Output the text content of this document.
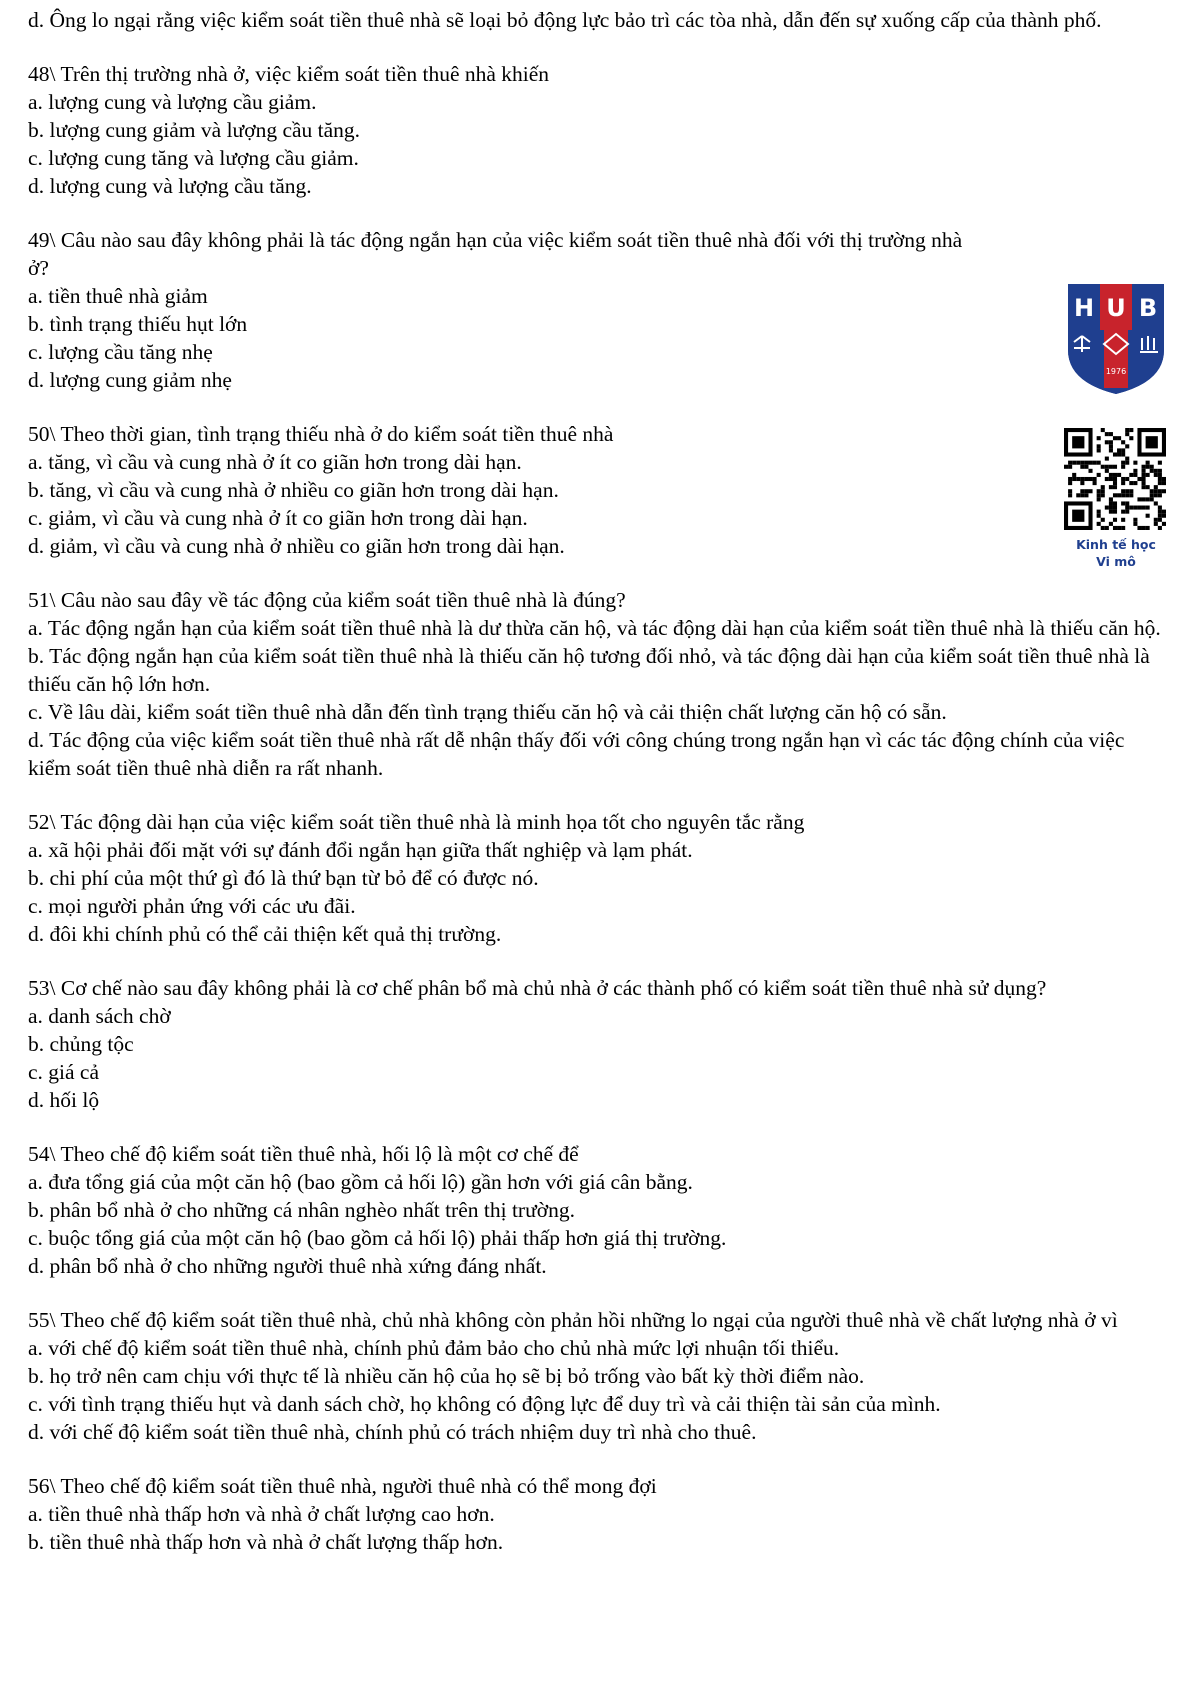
d. Ông lo ngại rằng việc kiểm soát tiền thuê nhà sẽ loại bỏ động lực bảo trì các tòa nhà, dẫn đến sự xuống cấp của thành phố.

48\ Trên thị trường nhà ở, việc kiểm soát tiền thuê nhà khiến

a. lượng cung và lượng cầu giảm.

b. lượng cung giảm và lượng cầu tăng.

c. lượng cung tăng và lượng cầu giảm.

d. lượng cung và lượng cầu tăng.

49\ Câu nào sau đây không phải là tác động ngắn hạn của việc kiểm soát tiền thuê nhà đối với thị trường nhà ở?

a. tiền thuê nhà giảm

b. tình trạng thiếu hụt lớn

c. lượng cầu tăng nhẹ

d. lượng cung giảm nhẹ

50\ Theo thời gian, tình trạng thiếu nhà ở do kiểm soát tiền thuê nhà

a. tăng, vì cầu và cung nhà ở ít co giãn hơn trong dài hạn.

b. tăng, vì cầu và cung nhà ở nhiều co giãn hơn trong dài hạn.

c. giảm, vì cầu và cung nhà ở ít co giãn hơn trong dài hạn.

d. giảm, vì cầu và cung nhà ở nhiều co giãn hơn trong dài hạn.

51\ Câu nào sau đây về tác động của kiểm soát tiền thuê nhà là đúng?

a. Tác động ngắn hạn của kiểm soát tiền thuê nhà là dư thừa căn hộ, và tác động dài hạn của kiểm soát tiền thuê nhà là thiếu căn hộ.

b. Tác động ngắn hạn của kiểm soát tiền thuê nhà là thiếu căn hộ tương đối nhỏ, và tác động dài hạn của kiểm soát tiền thuê nhà là thiếu căn hộ lớn hơn.

c. Về lâu dài, kiểm soát tiền thuê nhà dẫn đến tình trạng thiếu căn hộ và cải thiện chất lượng căn hộ có sẵn.

d. Tác động của việc kiểm soát tiền thuê nhà rất dễ nhận thấy đối với công chúng trong ngắn hạn vì các tác động chính của việc kiểm soát tiền thuê nhà diễn ra rất nhanh.

52\ Tác động dài hạn của việc kiểm soát tiền thuê nhà là minh họa tốt cho nguyên tắc rằng

a. xã hội phải đối mặt với sự đánh đổi ngắn hạn giữa thất nghiệp và lạm phát.

b. chi phí của một thứ gì đó là thứ bạn từ bỏ để có được nó.

c. mọi người phản ứng với các ưu đãi.

d. đôi khi chính phủ có thể cải thiện kết quả thị trường.

53\ Cơ chế nào sau đây không phải là cơ chế phân bổ mà chủ nhà ở các thành phố có kiểm soát tiền thuê nhà sử dụng?

a. danh sách chờ

b. chủng tộc

c. giá cả

d. hối lộ

54\ Theo chế độ kiểm soát tiền thuê nhà, hối lộ là một cơ chế để

a. đưa tổng giá của một căn hộ (bao gồm cả hối lộ) gần hơn với giá cân bằng.

b. phân bổ nhà ở cho những cá nhân nghèo nhất trên thị trường.

c. buộc tổng giá của một căn hộ (bao gồm cả hối lộ) phải thấp hơn giá thị trường.

d. phân bổ nhà ở cho những người thuê nhà xứng đáng nhất.

55\ Theo chế độ kiểm soát tiền thuê nhà, chủ nhà không còn phản hồi những lo ngại của người thuê nhà về chất lượng nhà ở vì

a. với chế độ kiểm soát tiền thuê nhà, chính phủ đảm bảo cho chủ nhà mức lợi nhuận tối thiểu.

b. họ trở nên cam chịu với thực tế là nhiều căn hộ của họ sẽ bị bỏ trống vào bất kỳ thời điểm nào.

c. với tình trạng thiếu hụt và danh sách chờ, họ không có động lực để duy trì và cải thiện tài sản của mình.

d. với chế độ kiểm soát tiền thuê nhà, chính phủ có trách nhiệm duy trì nhà cho thuê.

56\ Theo chế độ kiểm soát tiền thuê nhà, người thuê nhà có thể mong đợi

a. tiền thuê nhà thấp hơn và nhà ở chất lượng cao hơn.

b. tiền thuê nhà thấp hơn và nhà ở chất lượng thấp hơn.

H U B
1976
Kinh tế học
Vi mô
